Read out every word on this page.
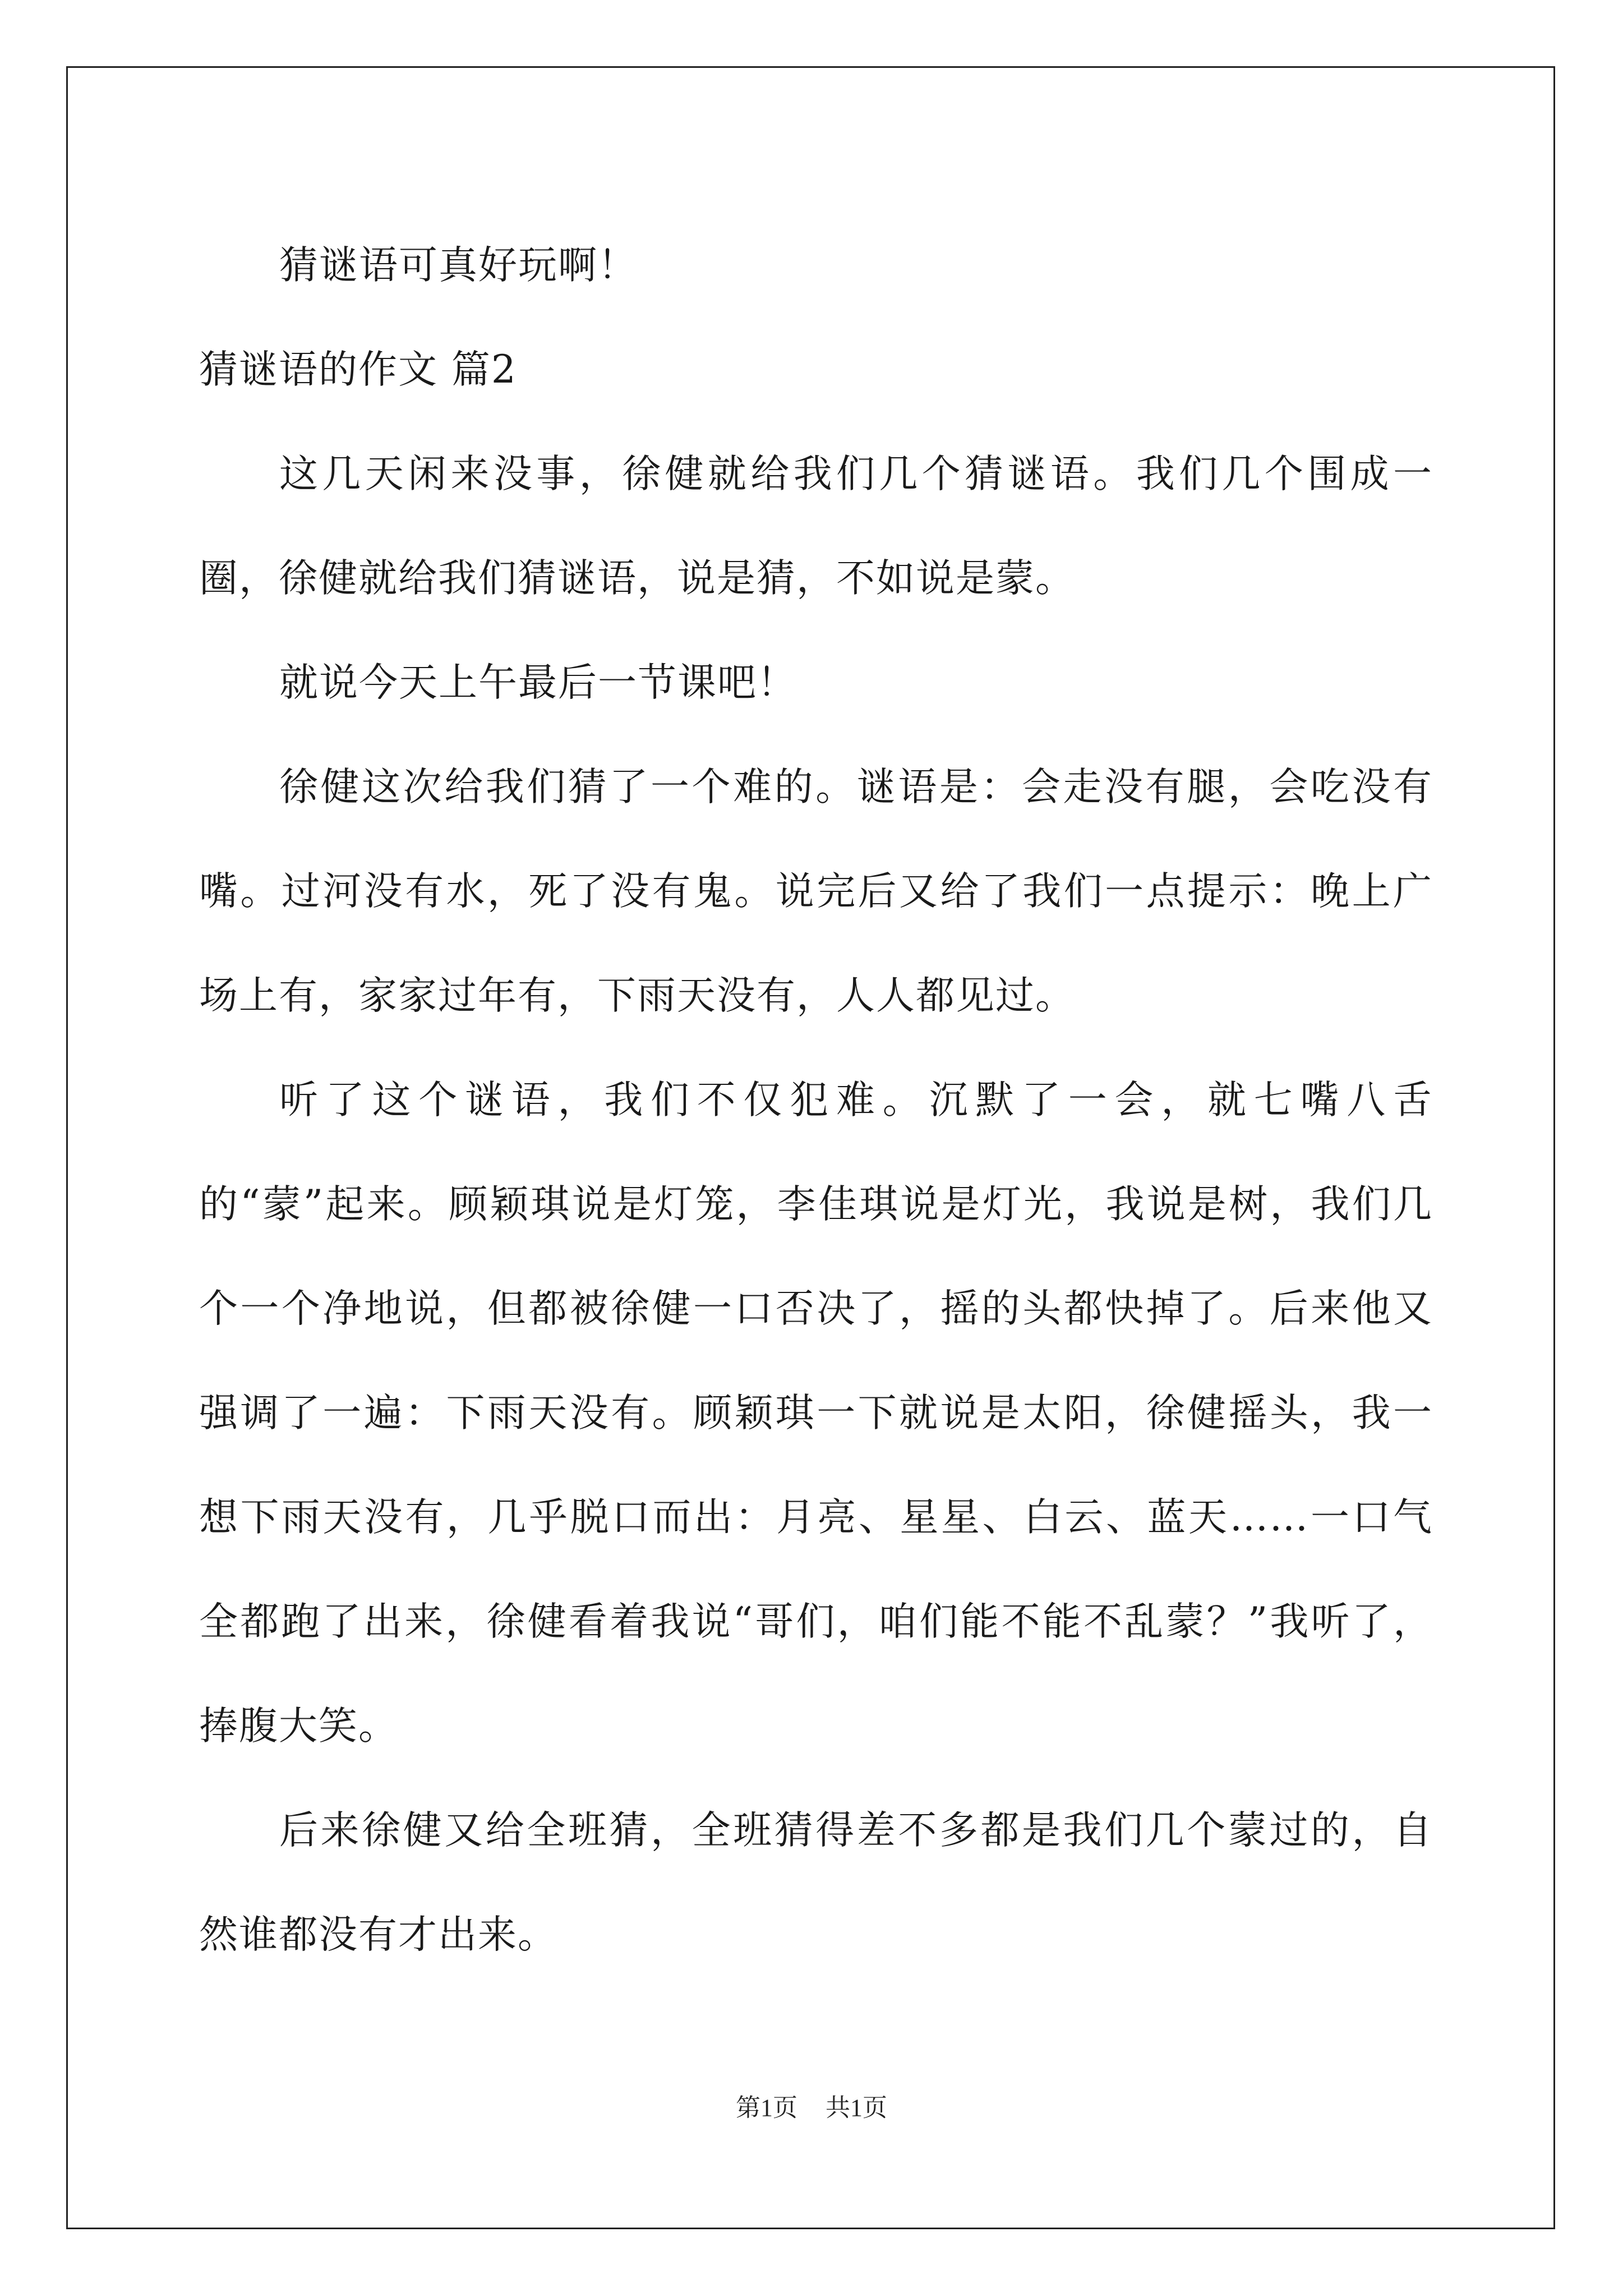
猜谜语可真好玩啊！

猜谜语的作文 篇2

这几天闲来没事，徐健就给我们几个猜谜语。我们几个围成一圈，徐健就给我们猜谜语，说是猜，不如说是蒙。

就说今天上午最后一节课吧！

徐健这次给我们猜了一个难的。谜语是：会走没有腿，会吃没有嘴。过河没有水，死了没有鬼。说完后又给了我们一点提示：晚上广场上有，家家过年有，下雨天没有，人人都见过。

听了这个谜语，我们不仅犯难。沉默了一会，就七嘴八舌的“蒙”起来。顾颖琪说是灯笼，李佳琪说是灯光，我说是树，我们几个一个净地说，但都被徐健一口否决了，摇的头都快掉了。后来他又强调了一遍：下雨天没有。顾颖琪一下就说是太阳，徐健摇头，我一想下雨天没有，几乎脱口而出：月亮、星星、白云、蓝天……一口气全都跑了出来，徐健看着我说“哥们，咱们能不能不乱蒙？”我听了，捧腹大笑。

后来徐健又给全班猜，全班猜得差不多都是我们几个蒙过的，自然谁都没有才出来。

第1页 共1页
